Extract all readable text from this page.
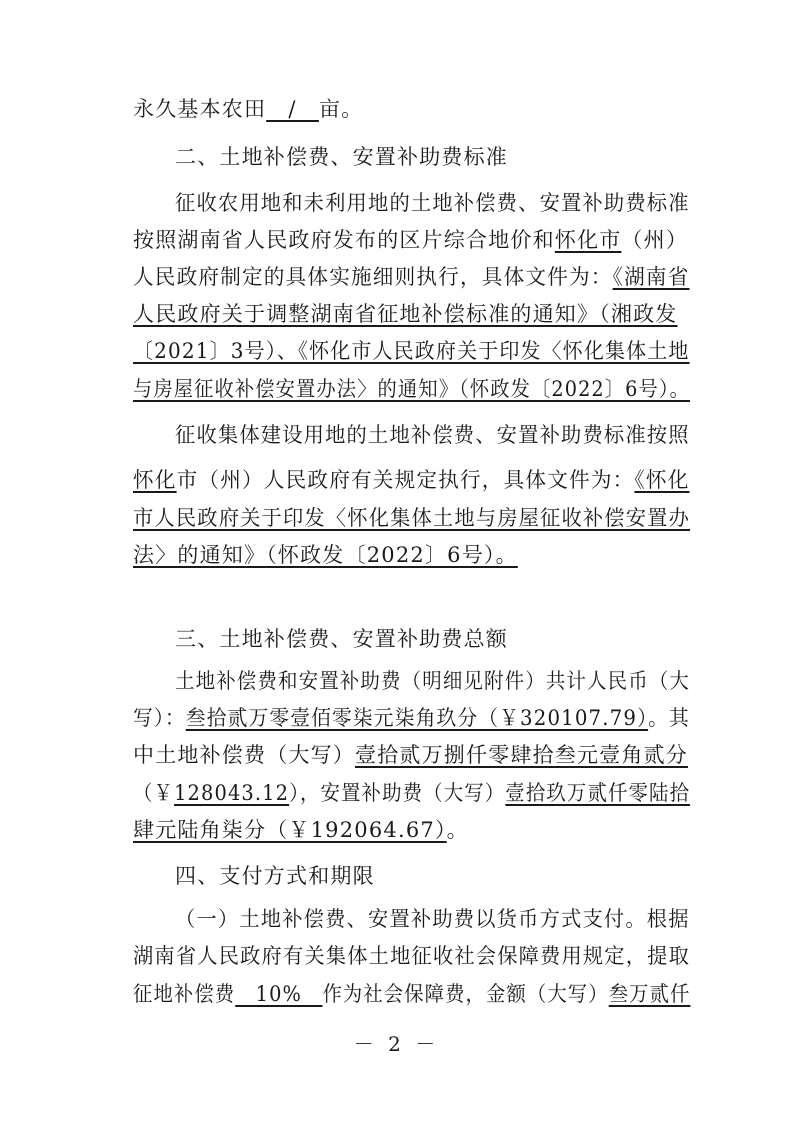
永久基本农田　/　亩。
二、土地补偿费、安置补助费标准
征收农用地和未利用地的土地补偿费、安置补助费标准
按照湖南省人民政府发布的区片综合地价和怀化市（州）
人民政府制定的具体实施细则执行，具体文件为：《湖南省
人民政府关于调整湖南省征地补偿标准的通知》（湘政发
〔2021〕3号）、《怀化市人民政府关于印发〈怀化集体土地
与房屋征收补偿安置办法〉的通知》（怀政发〔2022〕6号）。
征收集体建设用地的土地补偿费、安置补助费标准按照
怀化市（州）人民政府有关规定执行，具体文件为：《怀化
市人民政府关于印发〈怀化集体土地与房屋征收补偿安置办
法〉的通知》（怀政发〔2022〕6号）。
三、土地补偿费、安置补助费总额
土地补偿费和安置补助费（明细见附件）共计人民币（大
写）：叁拾贰万零壹佰零柒元柒角玖分（￥320107.79）。其
中土地补偿费（大写）壹拾贰万捌仟零肆拾叁元壹角贰分
（￥128043.12），安置补助费（大写）壹拾玖万贰仟零陆拾
肆元陆角柒分（￥192064.67）。
四、支付方式和期限
（一）土地补偿费、安置补助费以货币方式支付。根据
湖南省人民政府有关集体土地征收社会保障费用规定，提取
征地补偿费　10%　作为社会保障费，金额（大写）叁万贰仟
－ 2 －
